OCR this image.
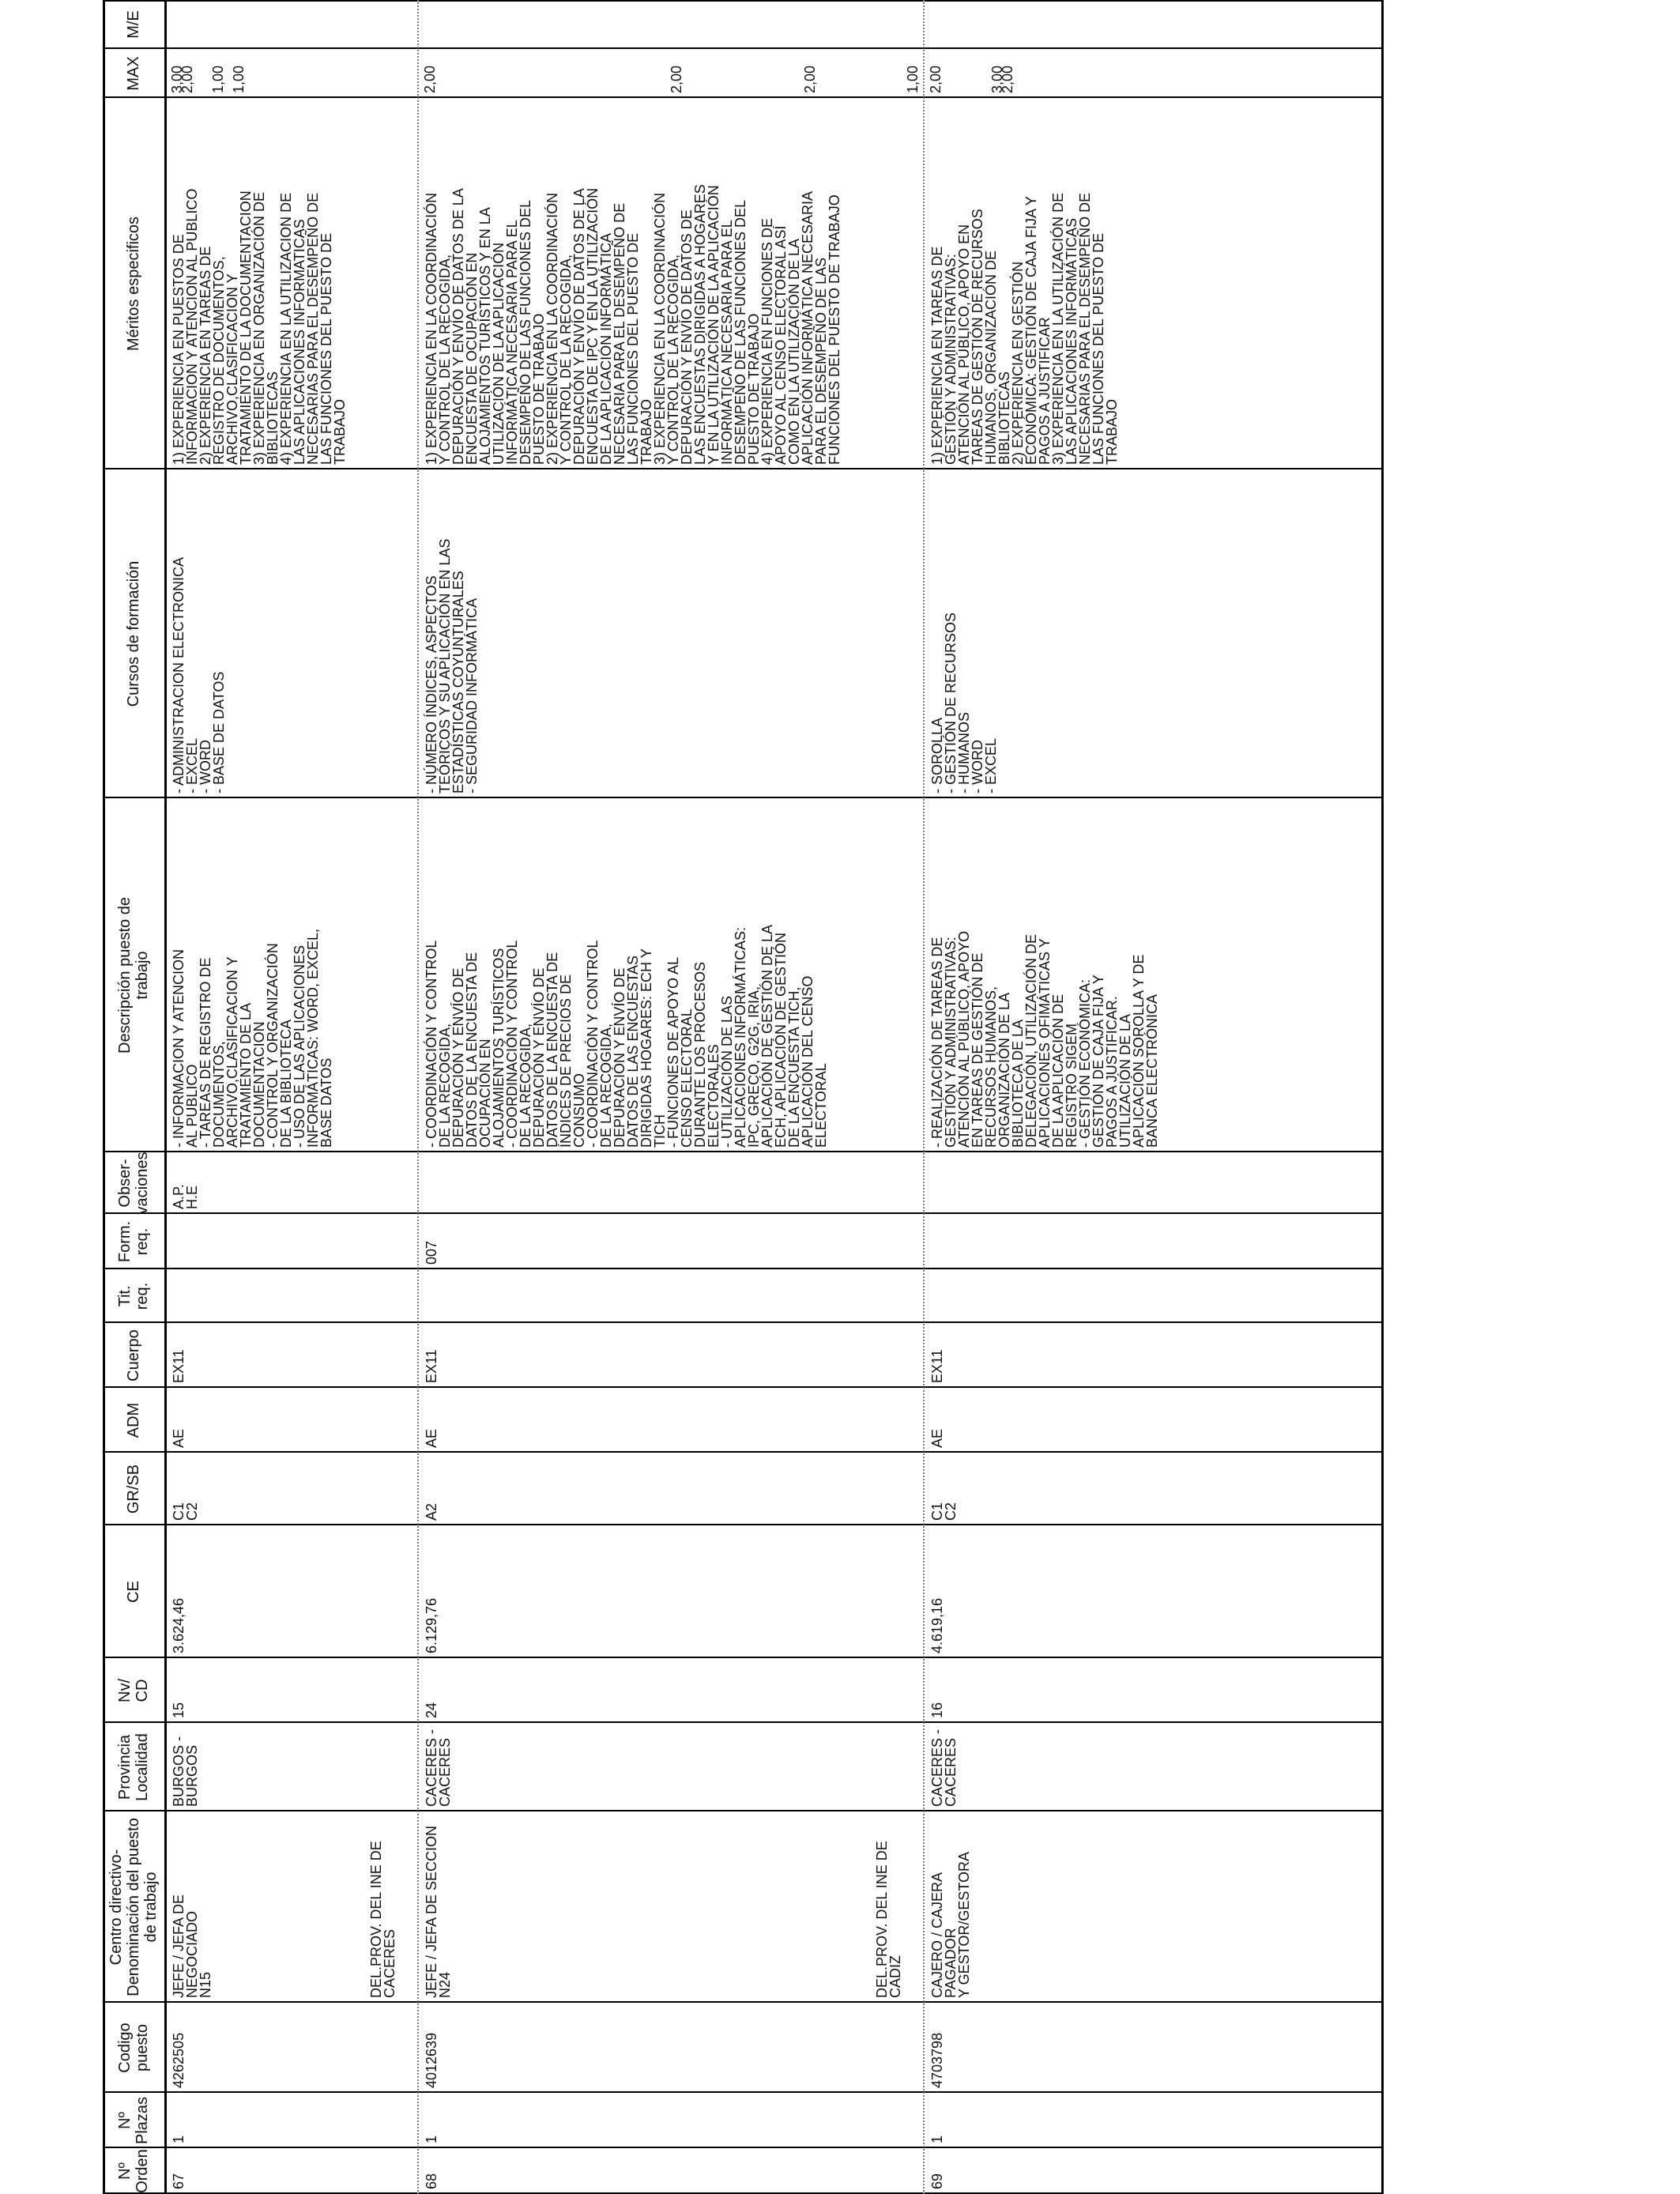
Nº
Orden
Nº
Plazas
Codigo
puesto
Centro directivo-
Denominación del puesto
de trabajo
Provincia
Localidad
Nv/
CD
CE
GR/SB
ADM
Cuerpo
Tit.
req.
Form.
req.
Obser-
vaciones
Descripción puesto de
trabajo
Cursos de formación
Méritos especificos
MAX
M/E
67
1
4262505
JEFE / JEFA DE NEGOCIADO
N15	DEL.PROV. DEL INE DE
CACERES
BURGOS -
BURGOS
15
3.624,46
C1
C2
AE
EX11
A.P.
H.E
- INFORMACION Y ATENCION
AL PUBLICO
- TAREAS DE REGISTRO DE
DOCUMENTOS,
ARCHIVO,CLASIFICACION Y
TRATAMIENTO DE LA
DOCUMENTACION
- CONTROL Y ORGANIZACIÓN
DE LA BIBLIOTECA
- USO DE LAS APLICACIONES
INFORMÁTICAS: WORD, EXCEL,
BASE DATOS
- ADMINISTRACION ELECTRONICA
- EXCEL
- WORD
- BASE DE DATOS
1) EXPERIENCIA EN PUESTOS DE
INFORMACION Y ATENCION AL PUBLICO
2) EXPERIENCIA EN TAREAS DE
REGISTRO DE DOCUMENTOS,
ARCHIVO,CLASIFICACION Y
TRATAMIENTO DE LA DOCUMENTACION
3) EXPERIENCIA EN ORGANIZACIÓN DE
BIBLIOTECAS
4) EXPERIENCIA EN LA UTILIZACION DE
LAS APLICACIONES INFORMATICAS
NECESARIAS PARA EL DESEMPEÑO DE
LAS FUNCIONES DEL PUESTO DE
TRABAJO
3,00
2,00

1,00

1,00
68
1
4012639
JEFE / JEFA DE SECCION N24	DEL.PROV. DEL INE DE CADIZ
CACERES -
CACERES
24
6.129,76
A2
AE
EX11
007
- COORDINACIÓN Y CONTROL
DE LA RECOGIDA,
DEPURACIÓN Y ENVÍO DE
DATOS DE LA ENCUESTA DE
OCUPACIÓN EN
ALOJAMIENTOS TURÍSTICOS
- COORDINACIÓN Y CONTROL
DE LA RECOGIDA,
DEPURACIÓN Y ENVÍO DE
DATOS DE LA ENCUESTA DE
ÍNDICES DE PRECIOS DE
CONSUMO
- COORDINACIÓN Y CONTROL
DE LA RECOGIDA,
DEPURACIÓN Y ENVÍO DE
DATOS DE LAS ENCUESTAS
DIRIGIDAS HOGARES: ECH Y
TICH
- FUNCIONES DE APOYO AL
CENSO ELECTORAL
DURANTE LOS PROCESOS
ELECTORALES
- UTILIZACIÓN DE LAS
APLICACIONES INFORMÁTICAS:
IPC, GRECO, G2G, IRIA,
APLICACIÓN DE GESTIÓN DE LA
ECH, APLICACIÓN DE GESTIÓN
DE LA ENCUESTA TICH,
APLICACIÓN DEL CENSO
ELECTORAL
- NÚMERO ÍNDICES, ASPECTOS
TEÓRICOS Y SU APLICACIÓN EN LAS
ESTADÍSTICAS COYUNTURALES
- SEGURIDAD INFORMÁTICA
1) EXPERIENCIA EN LA COORDINACIÓN
Y CONTROL DE LA RECOGIDA,
DEPURACIÓN Y ENVÍO DE DATOS DE LA
ENCUESTA DE OCUPACIÓN EN
ALOJAMIENTOS TURÍSTICOS Y EN LA
UTILIZACIÓN DE LA APLICACIÓN
INFORMÁTICA NECESARIA PARA EL
DESEMPEÑO DE LAS FUNCIONES DEL
PUESTO DE TRABAJO
2) EXPERIENCIA EN LA COORDINACIÓN
Y CONTROL DE LA RECOGIDA,
DEPURACIÓN Y ENVÍO DE DATOS DE LA
ENCUESTA DE IPC Y EN LA UTILIZACIÓN
DE LA APLICACIÓN INFORMÁTICA
NECESARIA PARA EL DESEMPEÑO DE
LAS FUNCIONES DEL PUESTO DE
TRABAJO
3) EXPERIENCIA EN LA COORDINACIÓN
Y CONTROL DE LA RECOGIDA,
DEPURACIÓN Y ENVÍO DE DATOS DE
LAS ENCUESTAS DIRIGIDAS A HOGARES
Y EN LA UTILIZACIÓN DE LA APLICACIÓN
INFORMÁTICA NECESARIA PARA EL
DESEMPEÑO DE LAS FUNCIONES DEL
PUESTO DE TRABAJO
4) EXPERIENCIA EN FUNCIONES DE
APOYO AL CENSO ELECTORAL ASÍ
COMO EN LA UTILIZACIÓN DE LA
APLICACIÓN INFORMÁTICA NECESARIA
PARA EL DESEMPEÑO DE LAS
FUNCIONES DEL PUESTO DE TRABAJO
2,00

2,00

2,00

1,00
69
1
4703798
CAJERO / CAJERA PAGADOR
Y GESTOR/GESTORA
CACERES -
CACERES
16
4.619,16
C1
C2
AE
EX11
- REALIZACIÓN DE TAREAS DE
GESTIÓN Y ADMINISTRATIVAS:
ATENCIÓN AL PÚBLICO, APOYO
EN TAREAS DE GESTIÓN DE
RECURSOS HUMANOS,
ORGANIZACIÓN DE LA
BIBLIOTECA DE LA
DELEGACIÓN, UTILIZACIÓN DE
APLICACIONES OFIMÁTICAS Y
DE LA APLICACIÓN DE
REGISTRO SIGEM
- GESTIÓN ECONÓMICA:
GESTIÓN DE CAJA FIJA Y
PAGOS A JUSTIFICAR.
UTILIZACIÓN DE LA
APLICACIÓN SOROLLA Y DE
BANCA ELECTRÓNICA
- SOROLLA
- GESTIÓN DE RECURSOS
- HUMANOS
- WORD
- EXCEL
1) EXPERIENCIA EN TAREAS DE
GESTIÓN Y ADMINISTRATIVAS:
ATENCIÓN AL PÚBLICO, APOYO EN
TAREAS DE GESTIÓN DE RECURSOS
HUMANOS, ORGANIZACIÓN DE
BIBLIOTECAS
2) EXPERIENCIA EN GESTIÓN
ECONÓMICA: GESTIÓN DE CAJA FIJA Y
PAGOS A JUSTIFICAR
3) EXPERIENCIA EN LA UTILIZACIÓN DE
LAS APLICACIONES INFORMÁTICAS
NECESARIAS PARA EL DESEMPEÑO DE
LAS FUNCIONES DEL PUESTO DE
TRABAJO
2,00

3,00
2,00
